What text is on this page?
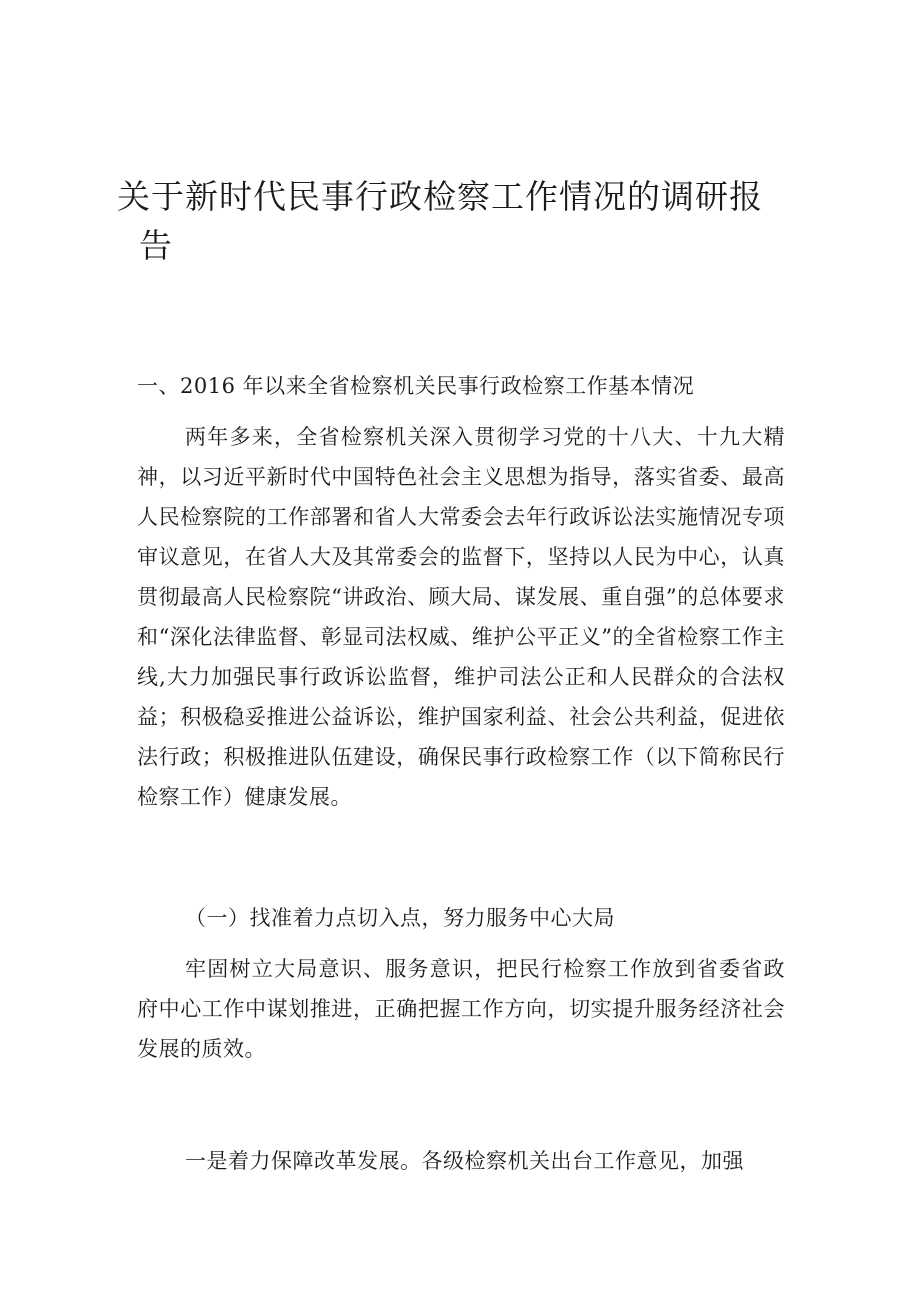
关于新时代民事行政检察工作情况的调研报
告

一、2016 年以来全省检察机关民事行政检察工作基本情况

两年多来，全省检察机关深入贯彻学习党的十八大、十九大精神，以习近平新时代中国特色社会主义思想为指导，落实省委、最高人民检察院的工作部署和省人大常委会去年行政诉讼法实施情况专项审议意见，在省人大及其常委会的监督下，坚持以人民为中心，认真贯彻最高人民检察院“讲政治、顾大局、谋发展、重自强”的总体要求和“深化法律监督、彰显司法权威、维护公平正义”的全省检察工作主线,大力加强民事行政诉讼监督，维护司法公正和人民群众的合法权益；积极稳妥推进公益诉讼，维护国家利益、社会公共利益，促进依法行政；积极推进队伍建设，确保民事行政检察工作（以下简称民行检察工作）健康发展。

（一）找准着力点切入点，努力服务中心大局

牢固树立大局意识、服务意识，把民行检察工作放到省委省政府中心工作中谋划推进，正确把握工作方向，切实提升服务经济社会发展的质效。

一是着力保障改革发展。各级检察机关出台工作意见，加强
